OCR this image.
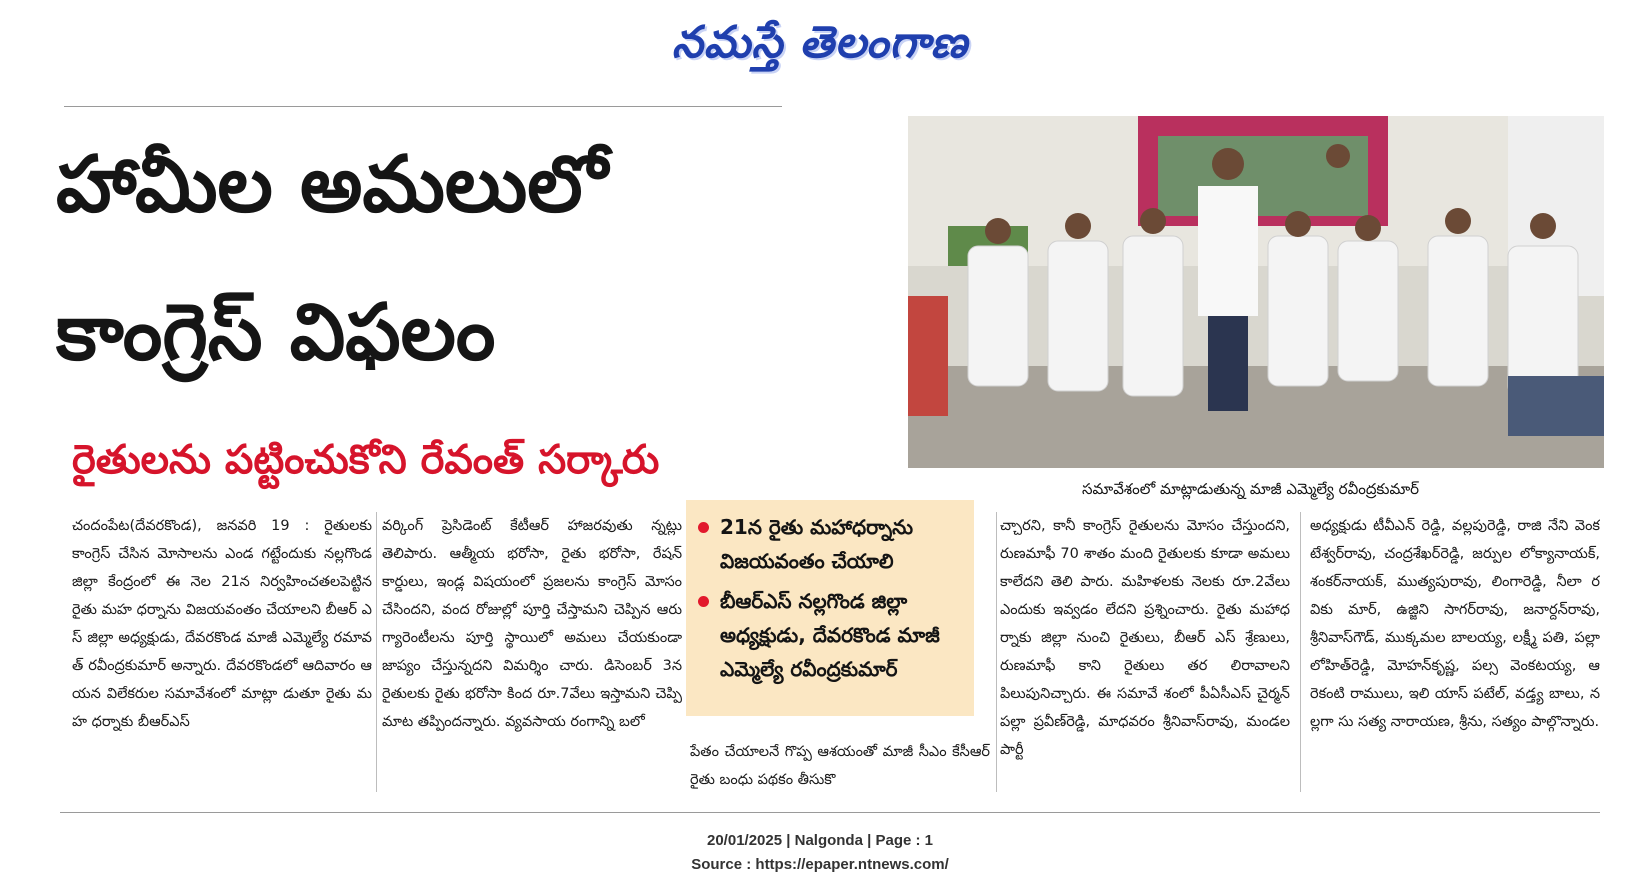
నమస్తే తెలంగాణ
హామీల అమలులో
కాంగ్రెస్ విఫలం
రైతులను పట్టించుకోని రేవంత్ సర్కారు
సమావేశంలో మాట్లాడుతున్న మాజీ ఎమ్మెల్యే రవీంద్రకుమార్
చందంపేట(దేవరకొండ), జనవరి 19 : రైతులకు కాంగ్రెస్ చేసిన మోసాలను ఎండ గట్టేందుకు నల్లగొండ జిల్లా కేంద్రంలో ఈ నెల 21న నిర్వహించతలపెట్టిన రైతు మహ ధర్నాను విజయవంతం చేయాలని బీఆర్ ఎస్ జిల్లా అధ్యక్షుడు, దేవరకొండ మాజీ ఎమ్మెల్యే రమావత్ రవీంద్రకుమార్ అన్నారు. దేవరకొండలో ఆదివారం ఆయన విలేకరుల సమావేశంలో మాట్లా డుతూ రైతు మహ ధర్నాకు బీఆర్ఎస్
వర్కింగ్ ప్రెసిడెంట్ కేటీఆర్ హాజరవుతు న్నట్లు తెలిపారు. ఆత్మీయ భరోసా, రైతు భరోసా, రేషన్ కార్డులు, ఇండ్ల విషయంలో ప్రజలను కాంగ్రెస్ మోసం చేసిందని, వంద రోజుల్లో పూర్తి చేస్తామని చెప్పిన ఆరు గ్యారెంటీలను పూర్తి స్థాయిలో అమలు చేయకుండా జాప్యం చేస్తున్నదని విమర్శిం చారు. డిసెంబర్ 3న రైతులకు రైతు భరోసా కింద రూ.7వేలు ఇస్తామని చెప్పి మాట తప్పిందన్నారు. వ్యవసాయ రంగాన్ని బలో
21న రైతు మహాధర్నాను విజయవంతం చేయాలి
బీఆర్ఎస్ నల్లగొండ జిల్లా అధ్యక్షుడు, దేవరకొండ మాజీ ఎమ్మెల్యే రవీంద్రకుమార్
పేతం చేయాలనే గొప్ప ఆశయంతో మాజీ సీఎం కేసీఆర్ రైతు బంధు పథకం తీసుకొ
చ్చారని, కానీ కాంగ్రెస్ రైతులను మోసం చేస్తుందని, రుణమాఫీ 70 శాతం మంది రైతులకు కూడా అమలు కాలేదని తెలి పారు. మహిళలకు నెలకు రూ.2వేలు ఎందుకు ఇవ్వడం లేదని ప్రశ్నించారు. రైతు మహాధర్నాకు జిల్లా నుంచి రైతులు, బీఆర్ ఎస్ శ్రేణులు, రుణమాఫీ కాని రైతులు తర లిరావాలని పిలుపునిచ్చారు. ఈ సమావే శంలో పీఏసీఎస్ చైర్మన్ పల్లా ప్రవీణ్‌రెడ్డి, మాధవరం శ్రీనివాస్‌రావు, మండల పార్టీ
అధ్యక్షుడు టీవీఎన్ రెడ్డి, వల్లపురెడ్డి, రాజి నేని వెంకటేశ్వర్‌రావు, చంద్రశేఖర్‌రెడ్డి, జర్పుల లోక్యానాయక్, శంకర్‌నాయక్, ముత్యపురావు, లింగారెడ్డి, నీలా రవికు మార్, ఉజ్జిని సాగర్‌రావు, జనార్దన్‌రావు, శ్రీనివాస్‌గౌడ్, ముక్కమల బాలయ్య, లక్ష్మీ పతి, పల్లా లోహిత్‌రెడ్డి, మోహన్‌కృష్ణ, పల్స వెంకటయ్య, ఆరెకంటి రాములు, ఇలి యాస్ పటేల్, వడ్త్య బాలు, నల్లగా సు సత్య నారాయణ, శ్రీను, సత్యం పాల్గొన్నారు.
20/01/2025 | Nalgonda | Page : 1
Source : https://epaper.ntnews.com/
